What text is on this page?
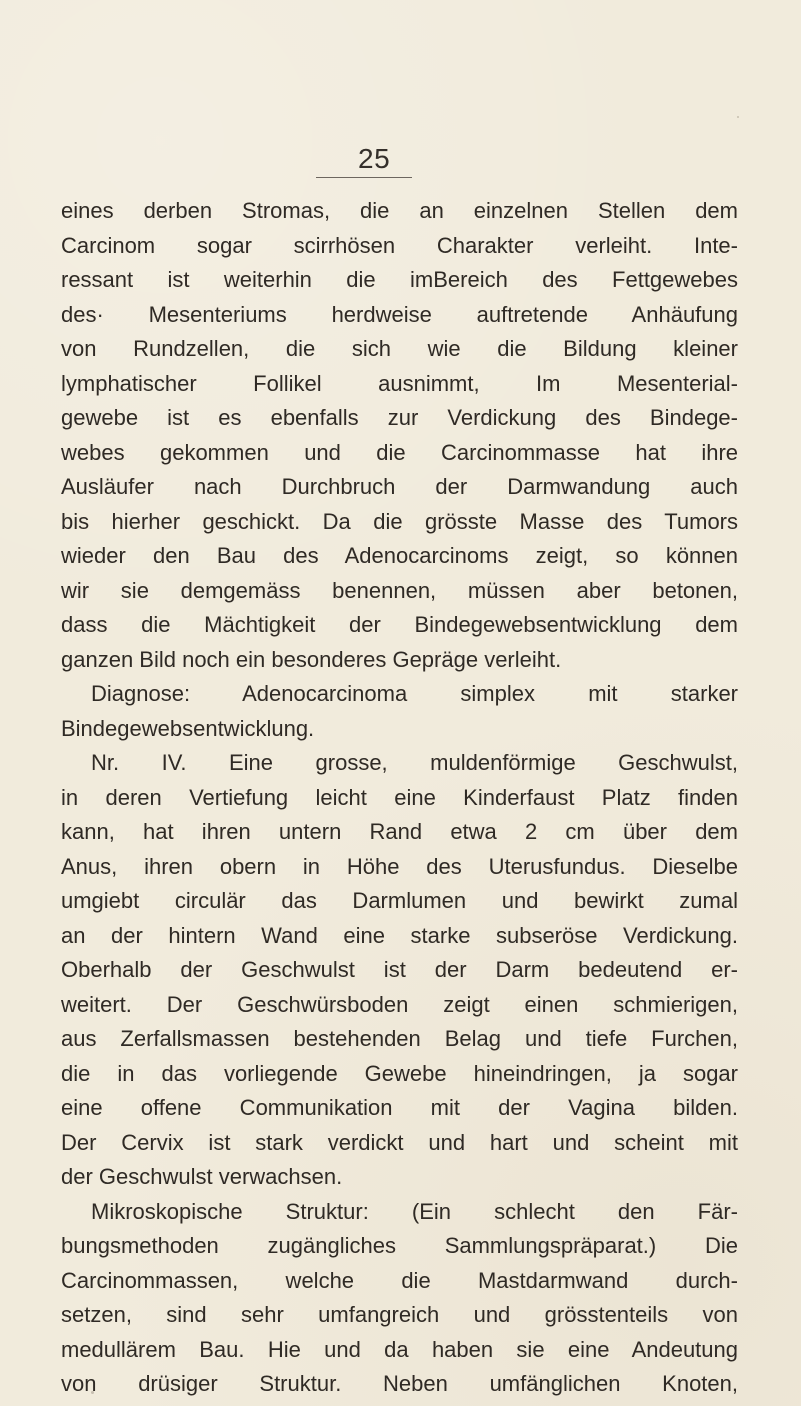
25
eines derben Stromas, die an einzelnen Stellen dem
Carcinom sogar scirrhösen Charakter verleiht. Inte-
ressant ist weiterhin die imBereich des Fettgewebes
des· Mesenteriums herdweise auftretende Anhäufung
von Rundzellen, die sich wie die Bildung kleiner
lymphatischer Follikel ausnimmt, Im Mesenterial-
gewebe ist es ebenfalls zur Verdickung des Bindege-
webes gekommen und die Carcinommasse hat ihre
Ausläufer nach Durchbruch der Darmwandung auch
bis hierher geschickt. Da die grösste Masse des Tumors
wieder den Bau des Adenocarcinoms zeigt, so können
wir sie demgemäss benennen, müssen aber betonen,
dass die Mächtigkeit der Bindegewebsentwicklung dem
ganzen Bild noch ein besonderes Gepräge verleiht.
Diagnose: Adenocarcinoma simplex mit starker
Bindegewebsentwicklung.
Nr. IV. Eine grosse, muldenförmige Geschwulst,
in deren Vertiefung leicht eine Kinderfaust Platz finden
kann, hat ihren untern Rand etwa 2 cm über dem
Anus, ihren obern in Höhe des Uterusfundus. Dieselbe
umgiebt circulär das Darmlumen und bewirkt zumal
an der hintern Wand eine starke subseröse Verdickung.
Oberhalb der Geschwulst ist der Darm bedeutend er-
weitert. Der Geschwürsboden zeigt einen schmierigen,
aus Zerfallsmassen bestehenden Belag und tiefe Furchen,
die in das vorliegende Gewebe hineindringen, ja sogar
eine offene Communikation mit der Vagina bilden.
Der Cervix ist stark verdickt und hart und scheint mit
der Geschwulst verwachsen.
Mikroskopische Struktur: (Ein schlecht den Fär-
bungsmethoden zugängliches Sammlungspräparat.) Die
Carcinommassen, welche die Mastdarmwand durch-
setzen, sind sehr umfangreich und grösstenteils von
medullärem Bau. Hie und da haben sie eine Andeutung
von drüsiger Struktur. Neben umfänglichen Knoten,
